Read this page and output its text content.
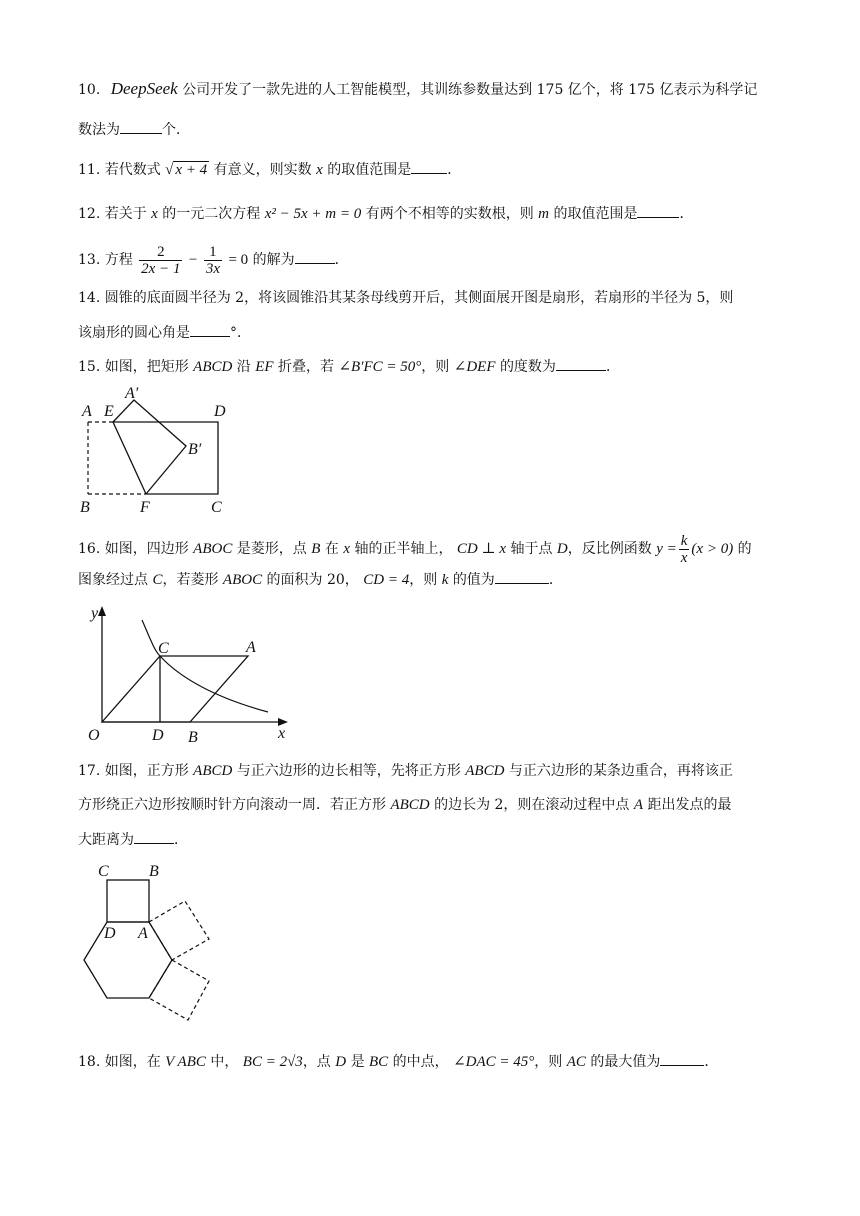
10. DeepSeek 公司开发了一款先进的人工智能模型，其训练参数量达到 175 亿个，将 175 亿表示为科学记
数法为	个．
11. 若代数式 √ x + 4 有意义，则实数 x 的取值范围是	．
12. 若关于 x 的一元二次方程 x² − 5x + m = 0 有两个不相等的实数根，则 m 的取值范围是	．
13. 方程 $\frac{2}{2x - 1} - \frac{1}{3x} = 0$ 的解为	．
14. 圆锥的底面圆半径为 2，将该圆锥沿其某条母线剪开后，其侧面展开图是扇形，若扇形的半径为 5，则
该扇形的圆心角是	°．
15. 如图，把矩形 ABCD 沿 EF 折叠，若 ∠B′FC = 50°，则 ∠DEF 的度数为	．
A′
A E	D
B′
B	F	C
16. 如图，四边形 ABOC 是菱形，点 B 在 x 轴的正半轴上， CD ⊥ x 轴于点 D，反比例函数 $y = \frac{k}{x} (x > 0)$ 的
图象经过点 C，若菱形 ABOC 的面积为 20， CD = 4，则 k 的值为	．
y
C	A
O	D B	x
17. 如图，正方形 ABCD 与正六边形的边长相等，先将正方形 ABCD 与正六边形的某条边重合，再将该正
方形绕正六边形按顺时针方向滚动一周．若正方形 ABCD 的边长为 2，则在滚动过程中点 A 距出发点的最
大距离为	．
C	B
D A
18. 如图，在 V ABC 中， BC = 2√3，点 D 是 BC 的中点， ∠DAC = 45°，则 AC 的最大值为	．
